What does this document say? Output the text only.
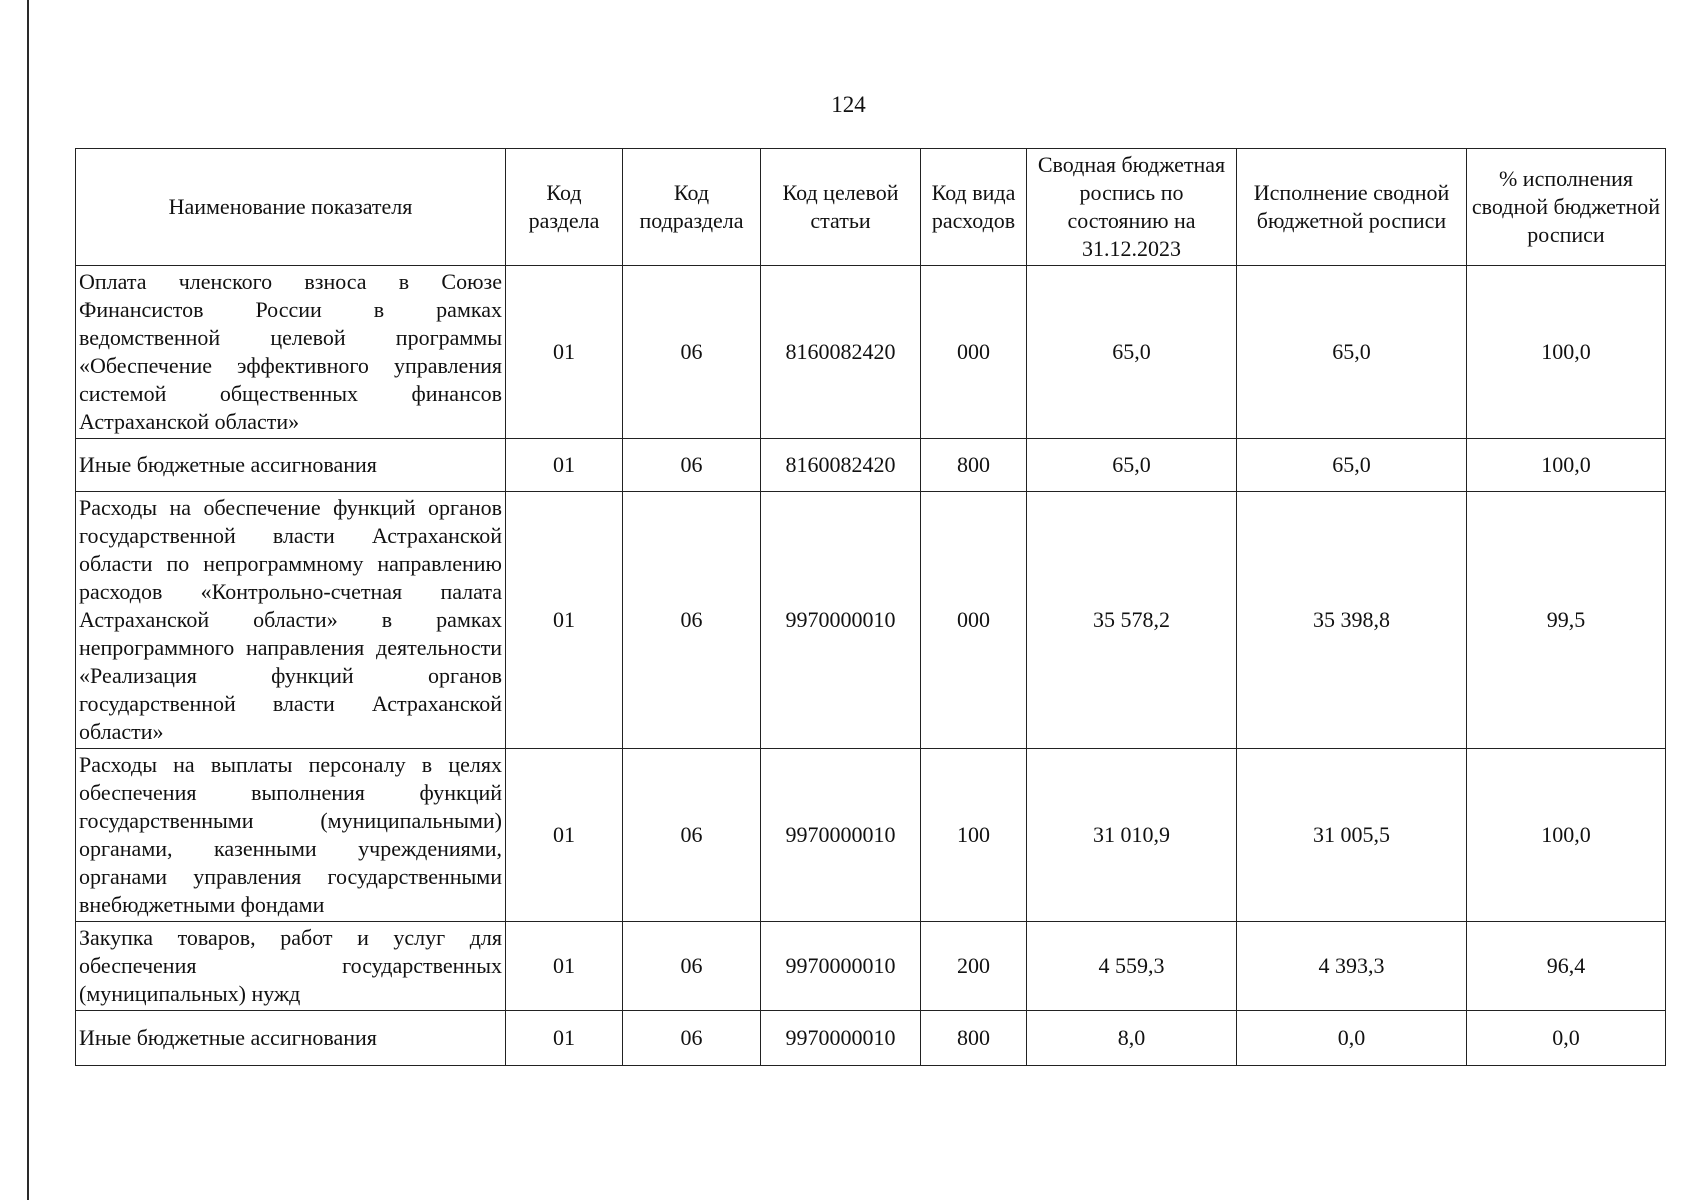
124
Наименование показателя	Код раздела	Код подраздела	Код целевой статьи	Код вида расходов	Сводная бюджетная роспись по состоянию на 31.12.2023	Исполнение сводной бюджетной росписи	% исполнения сводной бюджетной росписи
Оплата членского взноса в Союзе Финансистов России в рамках ведомственной целевой программы «Обеспечение эффективного управления системой общественных финансов Астраханской области»	01	06	8160082420	000	65,0	65,0	100,0
Иные бюджетные ассигнования	01	06	8160082420	800	65,0	65,0	100,0
Расходы на обеспечение функций органов государственной власти Астраханской области по непрограммному направлению расходов «Контрольно-счетная палата Астраханской области» в рамках непрограммного направления деятельности «Реализация функций органов государственной власти Астраханской области»	01	06	9970000010	000	35 578,2	35 398,8	99,5
Расходы на выплаты персоналу в целях обеспечения выполнения функций государственными (муниципальными) органами, казенными учреждениями, органами управления государственными внебюджетными фондами	01	06	9970000010	100	31 010,9	31 005,5	100,0
Закупка товаров, работ и услуг для обеспечения государственных (муниципальных) нужд	01	06	9970000010	200	4 559,3	4 393,3	96,4
Иные бюджетные ассигнования	01	06	9970000010	800	8,0	0,0	0,0
